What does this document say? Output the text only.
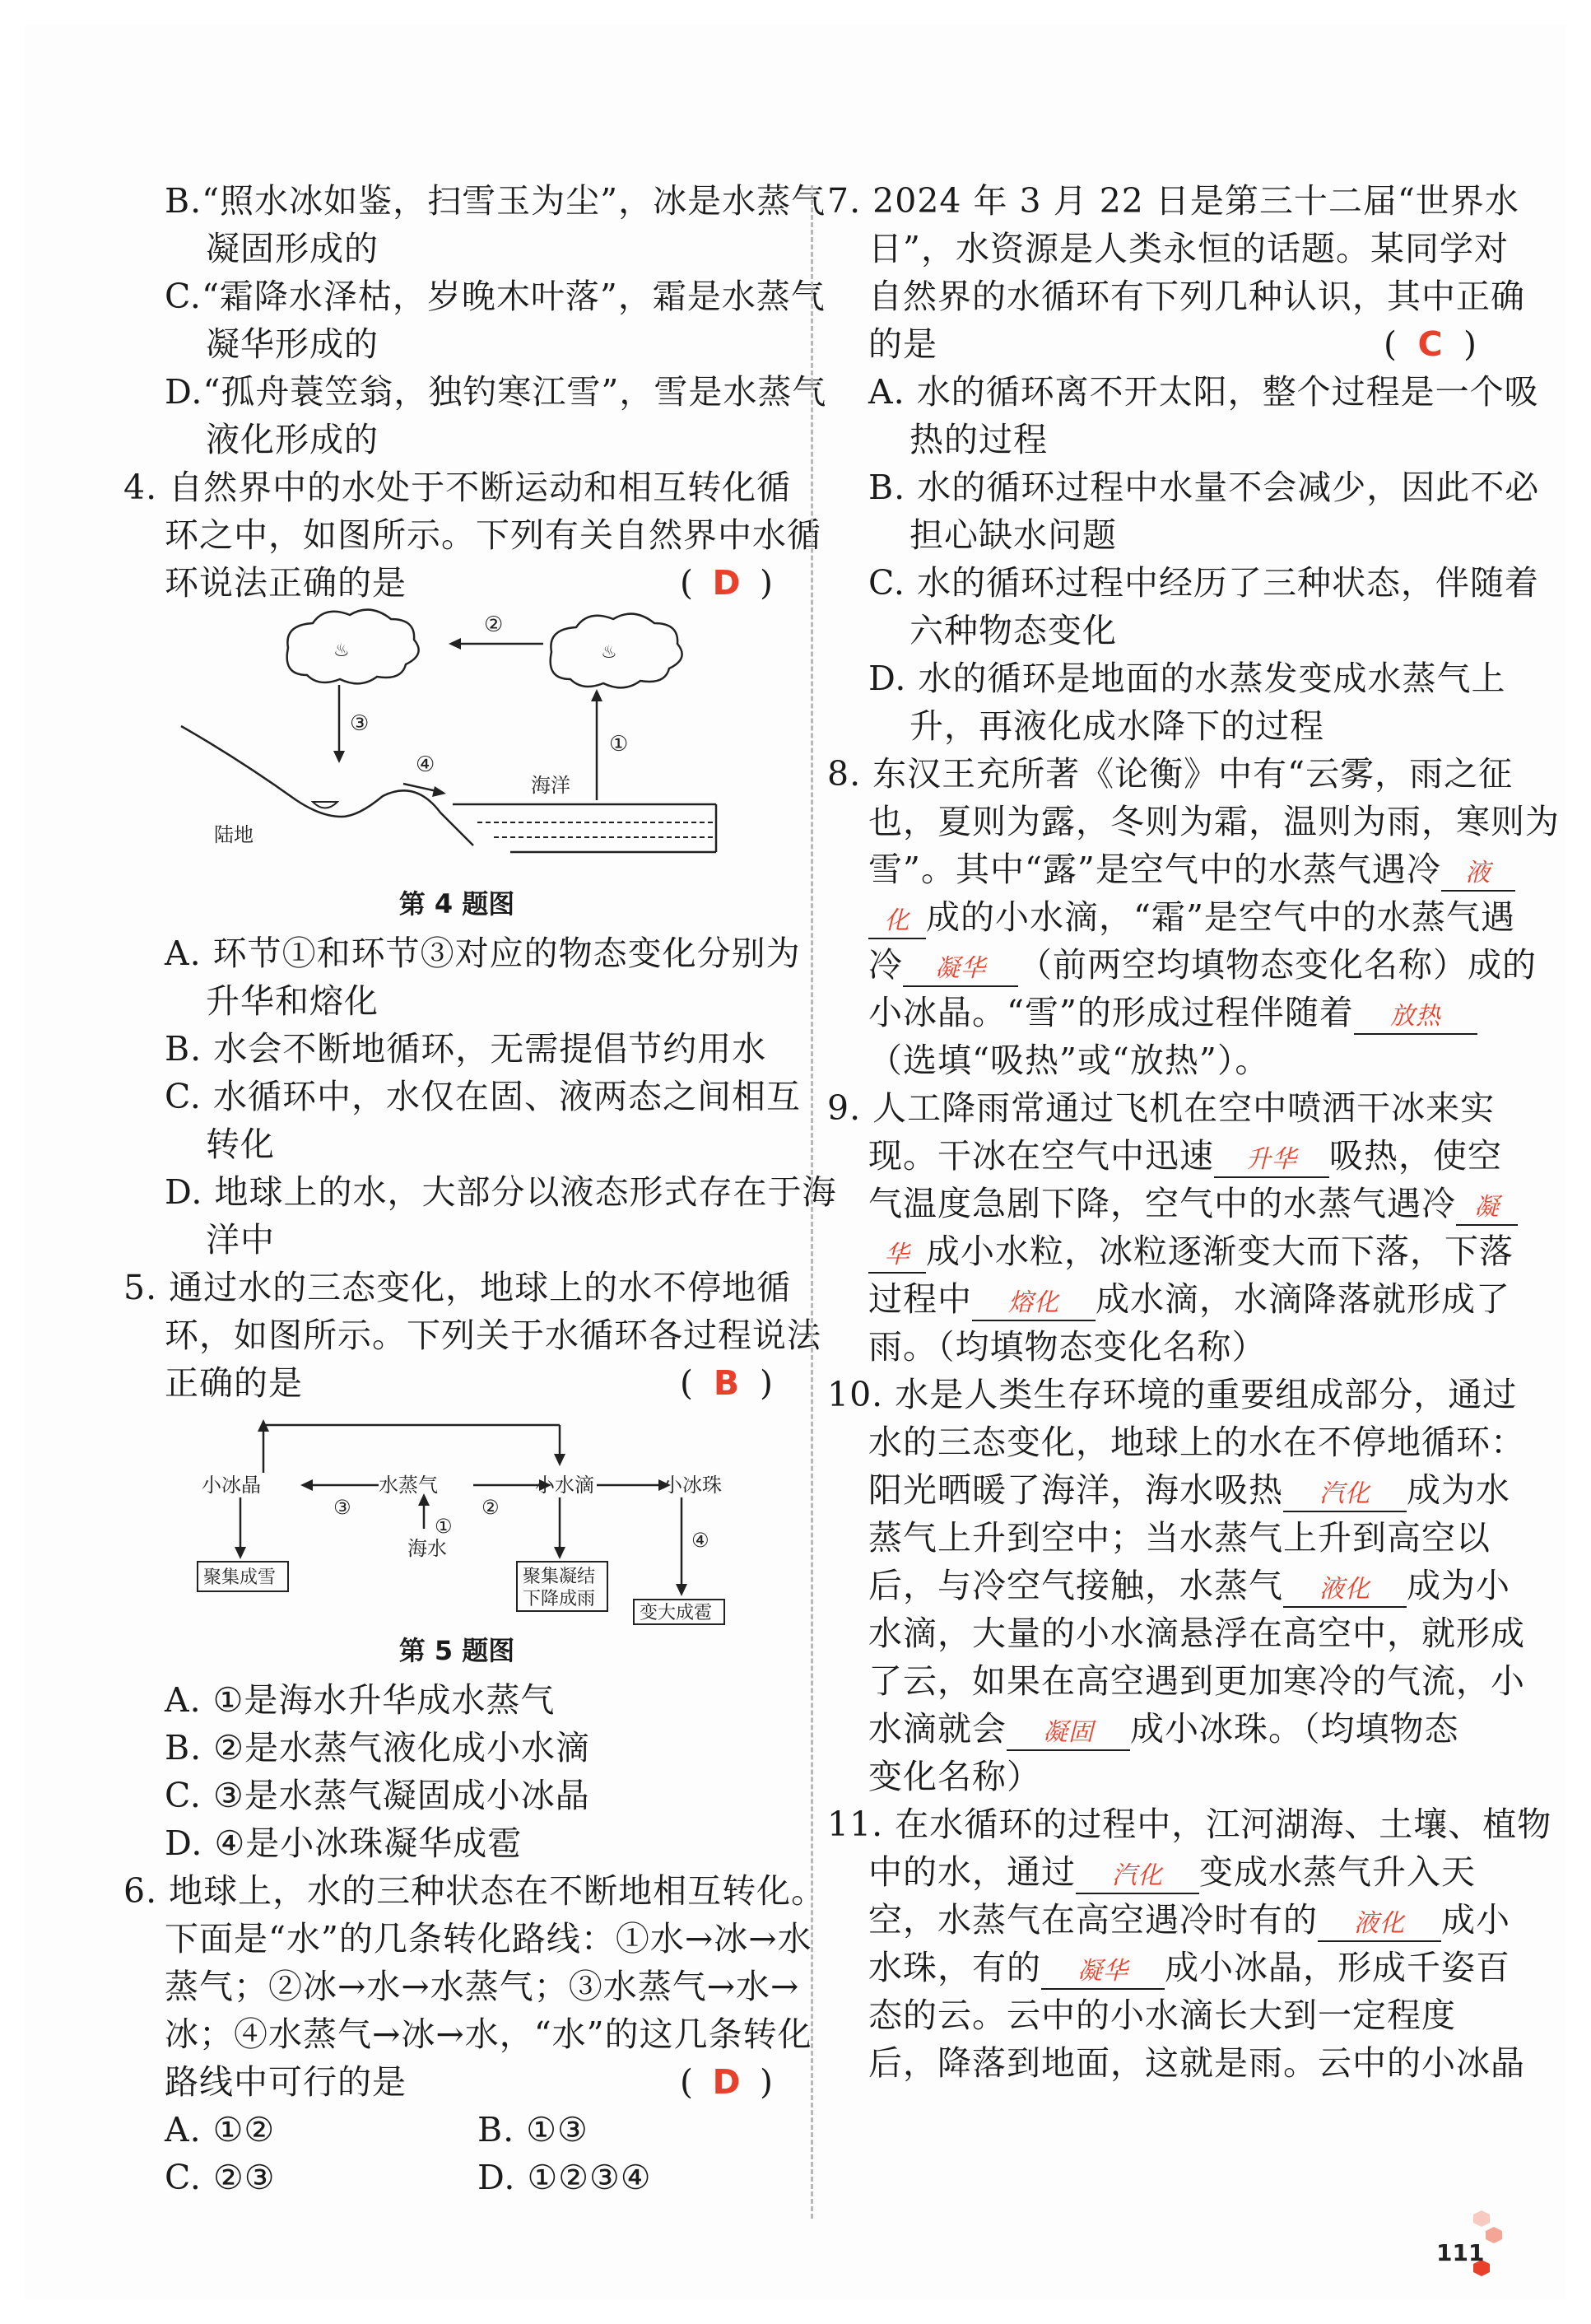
B.“照水冰如鉴，扫雪玉为尘”，冰是水蒸气
凝固形成的
C.“霜降水泽枯，岁晚木叶落”，霜是水蒸气
凝华形成的
D.“孤舟蓑笠翁，独钓寒江雪”，雪是水蒸气
液化形成的
4. 自然界中的水处于不断运动和相互转化循
环之中，如图所示。下列有关自然界中水循
环说法正确的是	( D )
♨	♨
②
③
①
④
陆地
海洋
第 4 题图
A. 环节①和环节③对应的物态变化分别为
升华和熔化
B. 水会不断地循环，无需提倡节约用水
C. 水循环中，水仅在固、液两态之间相互
转化
D. 地球上的水，大部分以液态形式存在于海
洋中
5. 通过水的三态变化，地球上的水不停地循
环，如图所示。下列关于水循环各过程说法
正确的是	( B )
小冰晶	水蒸气	小水滴	小冰珠
海水
③	②
①
④
聚集成雪	聚集凝结
下降成雨
变大成雹
第 5 题图
A. ①是海水升华成水蒸气
B. ②是水蒸气液化成小水滴
C. ③是水蒸气凝固成小冰晶
D. ④是小冰珠凝华成雹
6. 地球上，水的三种状态在不断地相互转化。
下面是“水”的几条转化路线：①水→冰→水
蒸气；②冰→水→水蒸气；③水蒸气→水→
冰；④水蒸气→冰→水，“水”的这几条转化
路线中可行的是	( D )
A. ①②	B. ①③
C. ②③	D. ①②③④
7. 2024 年 3 月 22 日是第三十二届“世界水
日”，水资源是人类永恒的话题。某同学对
自然界的水循环有下列几种认识，其中正确
的是	( C )
A. 水的循环离不开太阳，整个过程是一个吸
热的过程
B. 水的循环过程中水量不会减少，因此不必
担心缺水问题
C. 水的循环过程中经历了三种状态，伴随着
六种物态变化
D. 水的循环是地面的水蒸发变成水蒸气上
升，再液化成水降下的过程
8. 东汉王充所著《论衡》中有“云雾，雨之征
也，夏则为露，冬则为霜，温则为雨，寒则为
雪”。其中“露”是空气中的水蒸气遇冷 液
化 成的小水滴，“霜”是空气中的水蒸气遇
冷 凝华 （前两空均填物态变化名称）成的
小冰晶。“雪”的形成过程伴随着 放热
（选填“吸热”或“放热”）。
9. 人工降雨常通过飞机在空中喷洒干冰来实
现。干冰在空气中迅速 升华 吸热，使空
气温度急剧下降，空气中的水蒸气遇冷 凝
华 成小水粒，冰粒逐渐变大而下落，下落
过程中 熔化 成水滴，水滴降落就形成了
雨。（均填物态变化名称）
10. 水是人类生存环境的重要组成部分，通过
水的三态变化，地球上的水在不停地循环：
阳光晒暖了海洋，海水吸热 汽化 成为水
蒸气上升到空中；当水蒸气上升到高空以
后，与冷空气接触，水蒸气 液化 成为小
水滴，大量的小水滴悬浮在高空中，就形成
了云，如果在高空遇到更加寒冷的气流，小
水滴就会 凝固 成小冰珠。（均填物态
变化名称）
11. 在水循环的过程中，江河湖海、土壤、植物
中的水，通过 汽化 变成水蒸气升入天
空，水蒸气在高空遇冷时有的 液化 成小
水珠，有的 凝华 成小冰晶，形成千姿百
态的云。云中的小水滴长大到一定程度
后，降落到地面，这就是雨。云中的小冰晶
111
